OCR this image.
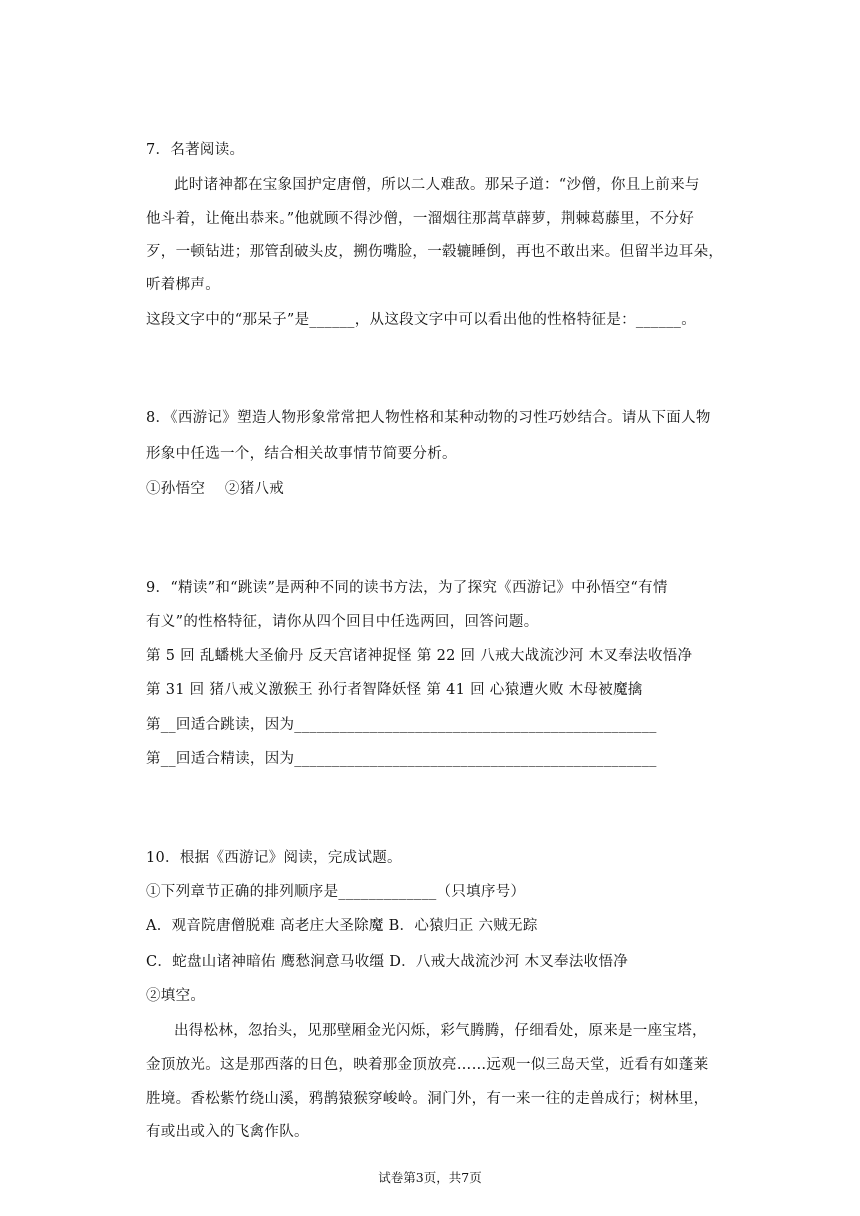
7．名著阅读。
此时诸神都在宝象国护定唐僧，所以二人难敌。那呆子道：“沙僧，你且上前来与
他斗着，让俺出恭来。”他就顾不得沙僧，一溜烟往那蒿草薜萝，荆棘葛藤里，不分好
歹，一顿钻进；那管刮破头皮，搠伤嘴脸，一毂辘睡倒，再也不敢出来。但留半边耳朵，
听着梆声。
这段文字中的“那呆子”是______，从这段文字中可以看出他的性格特征是：______。
8．《西游记》塑造人物形象常常把人物性格和某种动物的习性巧妙结合。请从下面人物
形象中任选一个，结合相关故事情节简要分析。
①孙悟空　 ②猪八戒
9．“精读”和“跳读”是两种不同的读书方法，为了探究《西游记》中孙悟空“有情
有义”的性格特征，请你从四个回目中任选两回，回答问题。
第 5 回 乱蟠桃大圣偷丹 反天宫诸神捉怪 第 22 回 八戒大战流沙河 木叉奉法收悟净
第 31 回 猪八戒义激猴王 孙行者智降妖怪 第 41 回 心猿遭火败 木母被魔擒
第__回适合跳读，因为________________________________________________
第__回适合精读，因为________________________________________________
10．根据《西游记》阅读，完成试题。
①下列章节正确的排列顺序是_____________（只填序号）
A．观音院唐僧脱难 高老庄大圣除魔 B．心猿归正 六贼无踪
C．蛇盘山诸神暗佑 鹰愁涧意马收缰 D．八戒大战流沙河 木叉奉法收悟净
②填空。
出得松林，忽抬头，见那壁厢金光闪烁，彩气腾腾，仔细看处，原来是一座宝塔，
金顶放光。这是那西落的日色，映着那金顶放亮……远观一似三岛天堂，近看有如蓬莱
胜境。香松紫竹绕山溪，鸦鹊猿猴穿峻岭。洞门外，有一来一往的走兽成行；树林里，
有或出或入的飞禽作队。
试卷第3页，共7页
